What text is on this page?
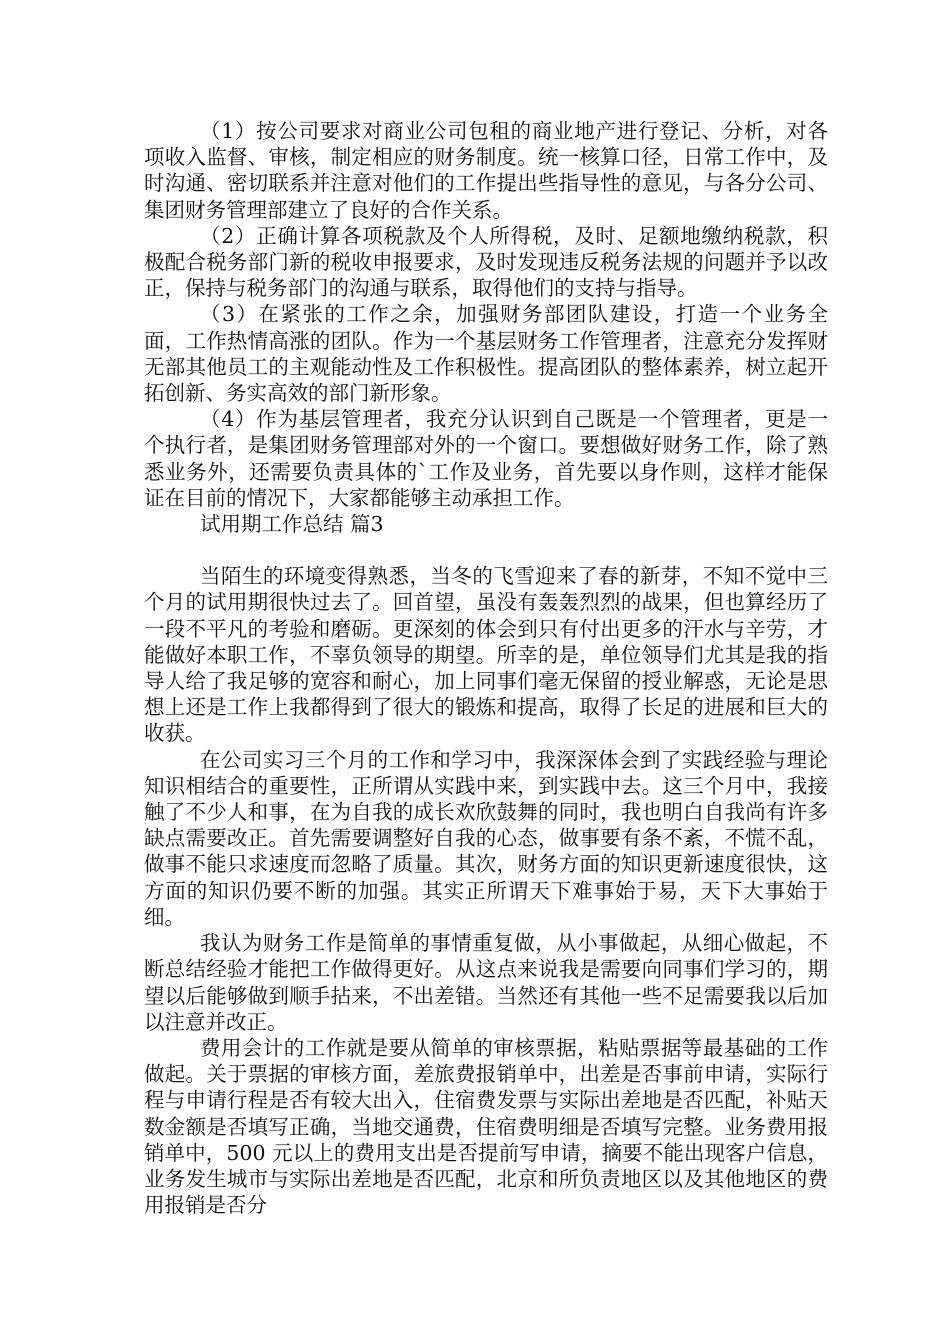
（1）按公司要求对商业公司包租的商业地产进行登记、分析，对各项收入监督、审核，制定相应的财务制度。统一核算口径，日常工作中，及时沟通、密切联系并注意对他们的工作提出些指导性的意见，与各分公司、集团财务管理部建立了良好的合作关系。

（2）正确计算各项税款及个人所得税，及时、足额地缴纳税款，积极配合税务部门新的税收申报要求，及时发现违反税务法规的问题并予以改正，保持与税务部门的沟通与联系，取得他们的支持与指导。

（3）在紧张的工作之余，加强财务部团队建设，打造一个业务全面，工作热情高涨的团队。作为一个基层财务工作管理者，注意充分发挥财无部其他员工的主观能动性及工作积极性。提高团队的整体素养，树立起开拓创新、务实高效的部门新形象。

（4）作为基层管理者，我充分认识到自己既是一个管理者，更是一个执行者，是集团财务管理部对外的一个窗口。要想做好财务工作，除了熟悉业务外，还需要负责具体的`工作及业务，首先要以身作则，这样才能保证在目前的情况下，大家都能够主动承担工作。

试用期工作总结 篇3

当陌生的环境变得熟悉，当冬的飞雪迎来了春的新芽，不知不觉中三个月的试用期很快过去了。回首望，虽没有轰轰烈烈的战果，但也算经历了一段不平凡的考验和磨砺。更深刻的体会到只有付出更多的汗水与辛劳，才能做好本职工作，不辜负领导的期望。所幸的是，单位领导们尤其是我的指导人给了我足够的宽容和耐心，加上同事们毫无保留的授业解惑，无论是思想上还是工作上我都得到了很大的锻炼和提高，取得了长足的进展和巨大的收获。

在公司实习三个月的工作和学习中，我深深体会到了实践经验与理论知识相结合的重要性，正所谓从实践中来，到实践中去。这三个月中，我接触了不少人和事，在为自我的成长欢欣鼓舞的同时，我也明白自我尚有许多缺点需要改正。首先需要调整好自我的心态，做事要有条不紊，不慌不乱，做事不能只求速度而忽略了质量。其次，财务方面的知识更新速度很快，这方面的知识仍要不断的加强。其实正所谓天下难事始于易，天下大事始于细。

我认为财务工作是简单的事情重复做，从小事做起，从细心做起，不断总结经验才能把工作做得更好。从这点来说我是需要向同事们学习的，期望以后能够做到顺手拈来，不出差错。当然还有其他一些不足需要我以后加以注意并改正。

费用会计的工作就是要从简单的审核票据，粘贴票据等最基础的工作做起。关于票据的审核方面，差旅费报销单中，出差是否事前申请，实际行程与申请行程是否有较大出入，住宿费发票与实际出差地是否匹配，补贴天数金额是否填写正确，当地交通费，住宿费明细是否填写完整。业务费用报销单中，500 元以上的费用支出是否提前写申请，摘要不能出现客户信息，业务发生城市与实际出差地是否匹配，北京和所负责地区以及其他地区的费用报销是否分
